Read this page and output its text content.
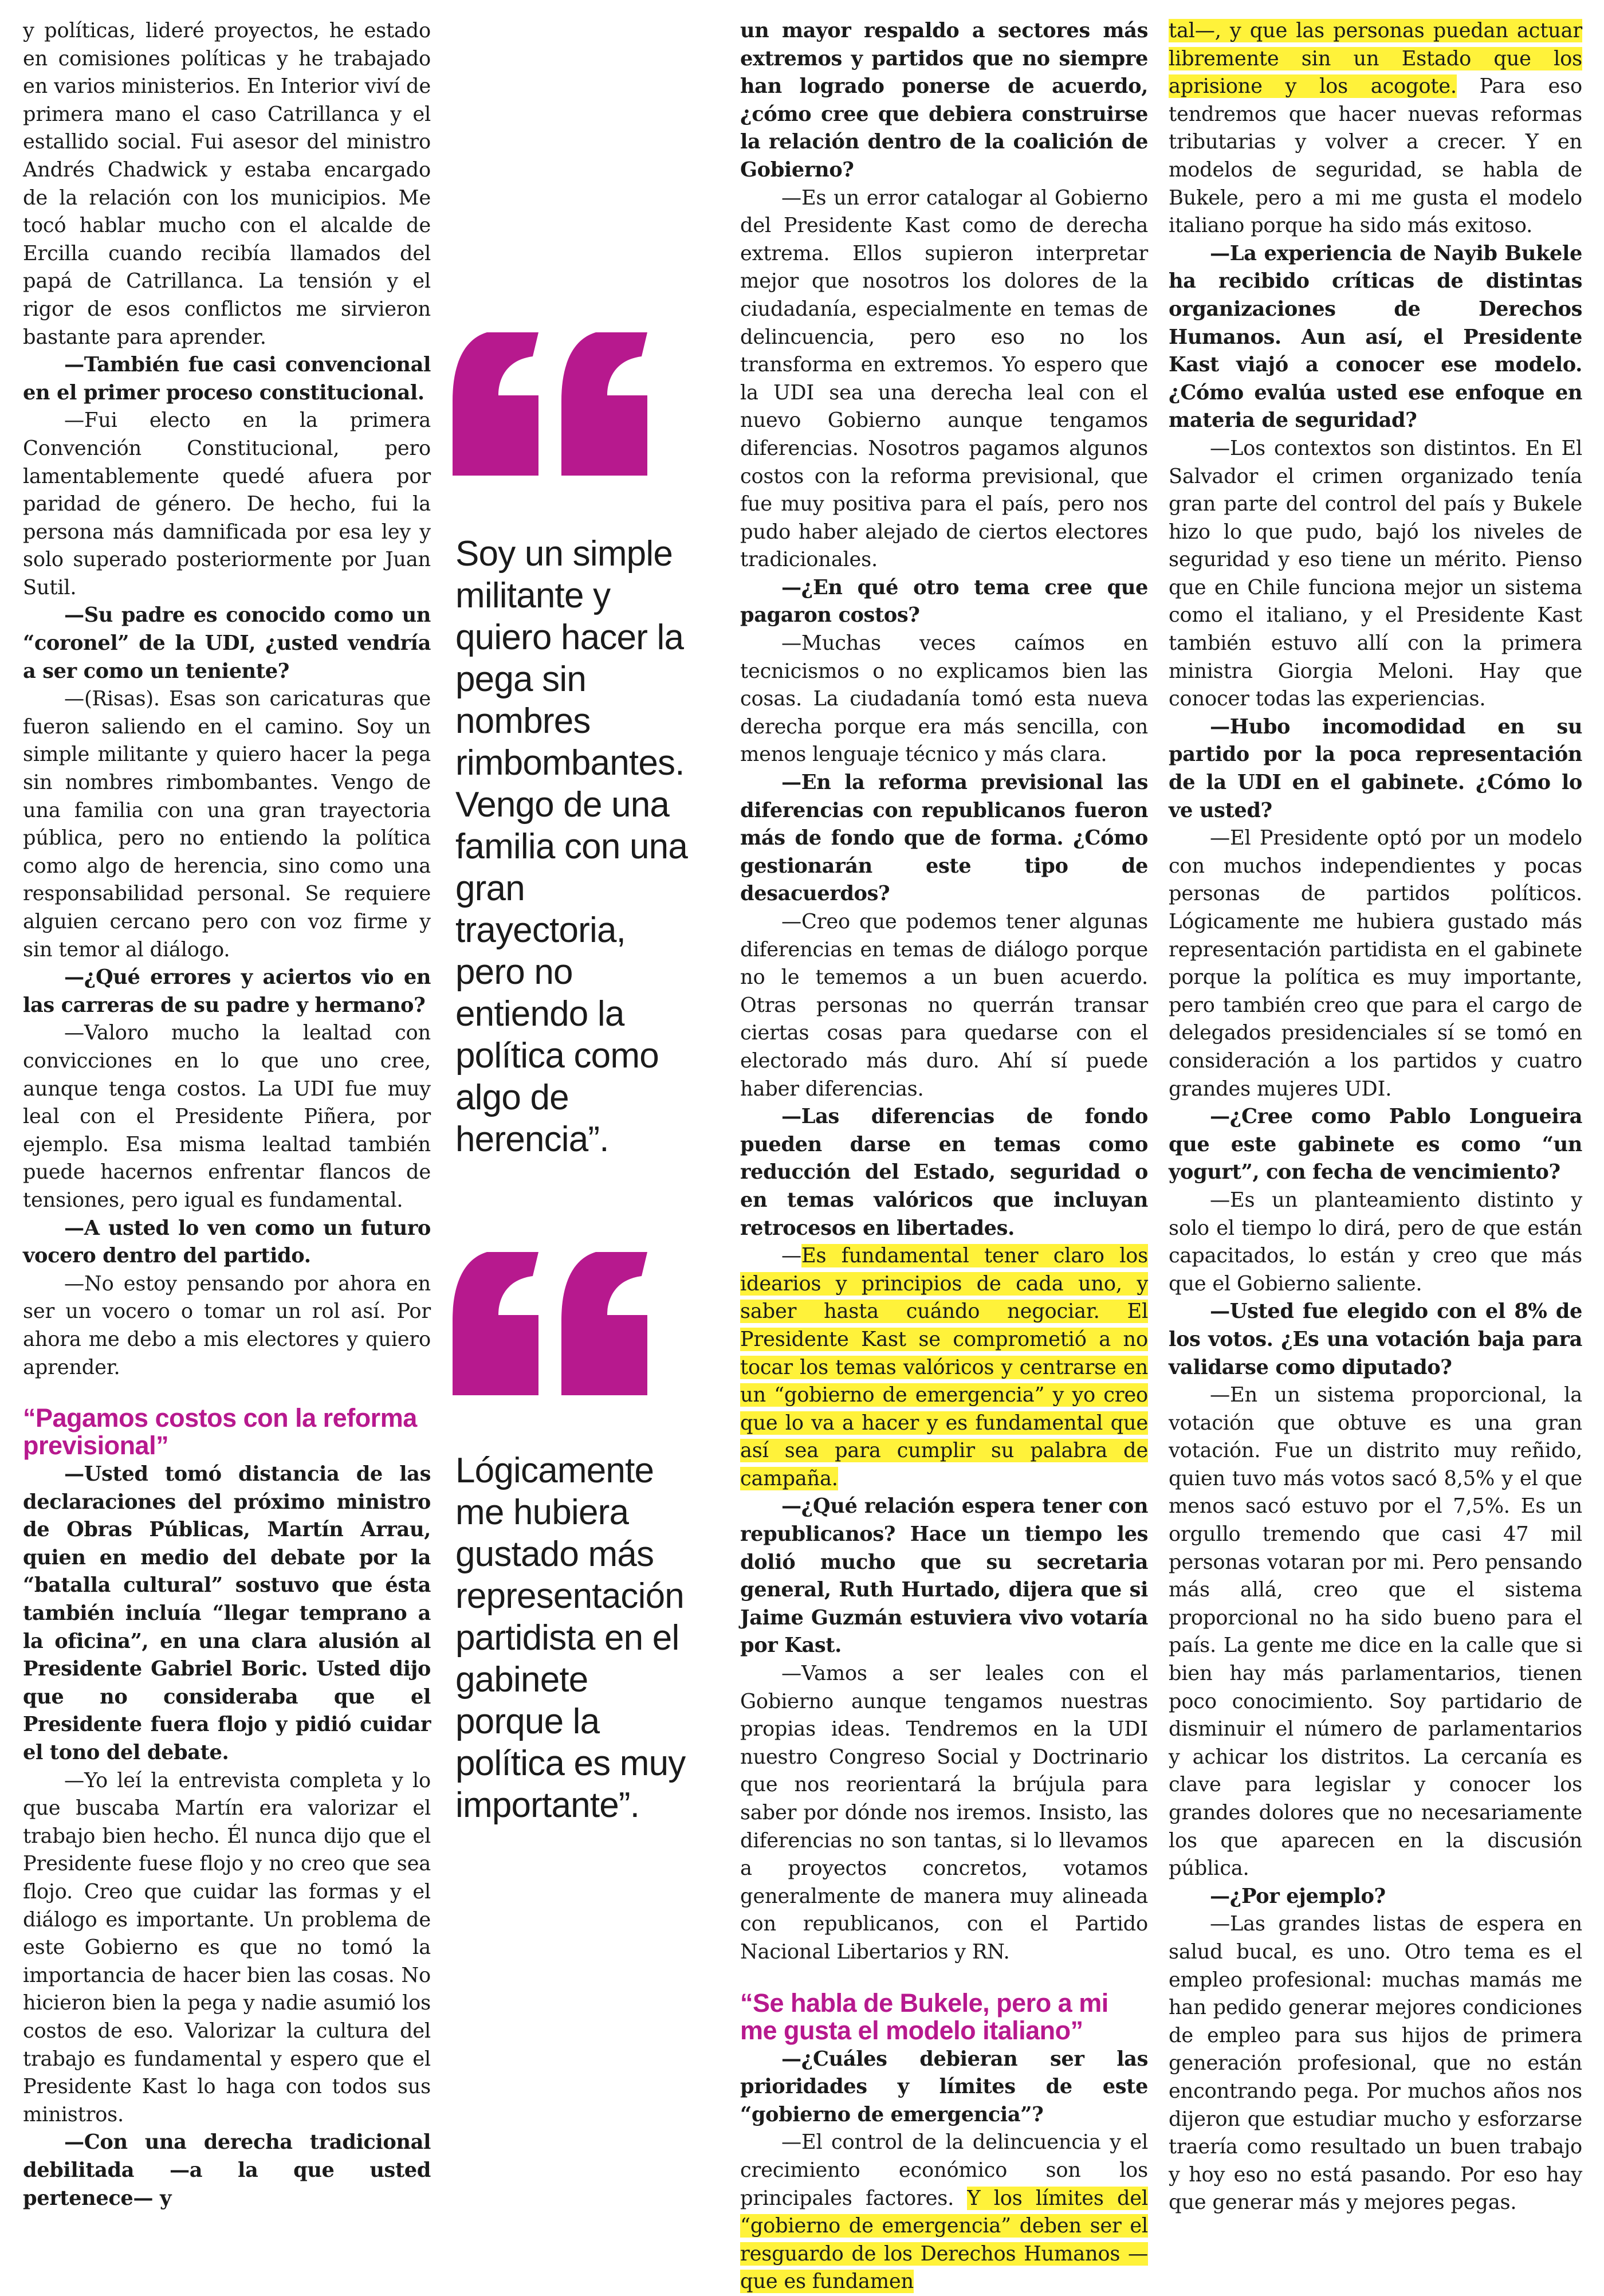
y políticas, lideré proyectos, he estado en comisiones políticas y he trabajado en varios ministerios. En Interior viví de primera mano el caso Catrillanca y el estallido social. Fui asesor del ministro Andrés Chadwick y estaba encargado de la relación con los municipios. Me tocó hablar mucho con el alcalde de Ercilla cuando recibía llamados del papá de Catrillanca. La tensión y el rigor de esos conflictos me sirvieron bastante para aprender.

—También fue casi convencional en el primer proceso constitucional.

—Fui electo en la primera Convención Constitucional, pero lamentablemente quedé afuera por paridad de género. De hecho, fui la persona más damnificada por esa ley y solo superado posteriormente por Juan Sutil.

—Su padre es conocido como un “coronel” de la UDI, ¿usted vendría a ser como un teniente?

—(Risas). Esas son caricaturas que fueron saliendo en el camino. Soy un simple militante y quiero hacer la pega sin nombres rimbombantes. Vengo de una familia con una gran trayectoria pública, pero no entiendo la política como algo de herencia, sino como una responsabilidad personal. Se requiere alguien cercano pero con voz firme y sin temor al diálogo.

—¿Qué errores y aciertos vio en las carreras de su padre y hermano?

—Valoro mucho la lealtad con convicciones en lo que uno cree, aunque tenga costos. La UDI fue muy leal con el Presidente Piñera, por ejemplo. Esa misma lealtad también puede hacernos enfrentar flancos de tensiones, pero igual es fundamental.

—A usted lo ven como un futuro vocero dentro del partido.

—No estoy pensando por ahora en ser un vocero o tomar un rol así. Por ahora me debo a mis electores y quiero aprender.

“Pagamos costos con la reforma previsional”

—Usted tomó distancia de las declaraciones del próximo ministro de Obras Públicas, Martín Arrau, quien en medio del debate por la “batalla cultural” sostuvo que ésta también incluía “llegar temprano a la oficina”, en una clara alusión al Presidente Gabriel Boric. Usted dijo que no consideraba que el Presidente fuera flojo y pidió cuidar el tono del debate.

—Yo leí la entrevista completa y lo que buscaba Martín era valorizar el trabajo bien hecho. Él nunca dijo que el Presidente fuese flojo y no creo que sea flojo. Creo que cuidar las formas y el diálogo es importante. Un problema de este Gobierno es que no tomó la importancia de hacer bien las cosas. No hicieron bien la pega y nadie asumió los costos de eso. Valorizar la cultura del trabajo es fundamental y espero que el Presidente Kast lo haga con todos sus ministros.

—Con una derecha tradicional debilitada —a la que usted pertenece— y

Soy un simple
militante y
quiero hacer la
pega sin
nombres
rimbombantes.
Vengo de una
familia con una
gran
trayectoria,
pero no
entiendo la
política como
algo de
herencia”.
Lógicamente
me hubiera
gustado más
representación
partidista en el
gabinete
porque la
política es muy
importante”.

un mayor respaldo a sectores más extremos y partidos que no siempre han logrado ponerse de acuerdo, ¿cómo cree que debiera construirse la relación dentro de la coalición de Gobierno?

—Es un error catalogar al Gobierno del Presidente Kast como de derecha extrema. Ellos supieron interpretar mejor que nosotros los dolores de la ciudadanía, especialmente en temas de delincuencia, pero eso no los transforma en extremos. Yo espero que la UDI sea una derecha leal con el nuevo Gobierno aunque tengamos diferencias. Nosotros pagamos algunos costos con la reforma previsional, que fue muy positiva para el país, pero nos pudo haber alejado de ciertos electores tradicionales.

—¿En qué otro tema cree que pagaron costos?

—Muchas veces caímos en tecnicismos o no explicamos bien las cosas. La ciudadanía tomó esta nueva derecha porque era más sencilla, con menos lenguaje técnico y más clara.

—En la reforma previsional las diferencias con republicanos fueron más de fondo que de forma. ¿Cómo gestionarán este tipo de desacuerdos?

—Creo que podemos tener algunas diferencias en temas de diálogo porque no le tememos a un buen acuerdo. Otras personas no querrán transar ciertas cosas para quedarse con el electorado más duro. Ahí sí puede haber diferencias.

—Las diferencias de fondo pueden darse en temas como reducción del Estado, seguridad o en temas valóricos que incluyan retrocesos en libertades.

—Es fundamental tener claro los idearios y principios de cada uno, y saber hasta cuándo negociar. El Presidente Kast se comprometió a no tocar los temas valóricos y centrarse en un “gobierno de emergencia” y yo creo que lo va a hacer y es fundamental que así sea para cumplir su palabra de campaña.

—¿Qué relación espera tener con republicanos? Hace un tiempo les dolió mucho que su secretaria general, Ruth Hurtado, dijera que si Jaime Guzmán estuviera vivo votaría por Kast.

—Vamos a ser leales con el Gobierno aunque tengamos nuestras propias ideas. Tendremos en la UDI nuestro Congreso Social y Doctrinario que nos reorientará la brújula para saber por dónde nos iremos. Insisto, las diferencias no son tantas, si lo llevamos a proyectos concretos, votamos generalmente de manera muy alineada con republicanos, con el Partido Nacional Libertarios y RN.

“Se habla de Bukele, pero a mi me gusta el modelo italiano”

—¿Cuáles debieran ser las prioridades y límites de este “gobierno de emergencia”?

—El control de la delincuencia y el crecimiento económico son los principales factores. Y los límites del “gobierno de emergencia” deben ser el resguardo de los Derechos Humanos —que es fundamen

tal—, y que las personas puedan actuar libremente sin un Estado que los aprisione y los acogote. Para eso tendremos que hacer nuevas reformas tributarias y volver a crecer. Y en modelos de seguridad, se habla de Bukele, pero a mi me gusta el modelo italiano porque ha sido más exitoso.

—La experiencia de Nayib Bukele ha recibido críticas de distintas organizaciones de Derechos Humanos. Aun así, el Presidente Kast viajó a conocer ese modelo. ¿Cómo evalúa usted ese enfoque en materia de seguridad?

—Los contextos son distintos. En El Salvador el crimen organizado tenía gran parte del control del país y Bukele hizo lo que pudo, bajó los niveles de seguridad y eso tiene un mérito. Pienso que en Chile funciona mejor un sistema como el italiano, y el Presidente Kast también estuvo allí con la primera ministra Giorgia Meloni. Hay que conocer todas las experiencias.

—Hubo incomodidad en su partido por la poca representación de la UDI en el gabinete. ¿Cómo lo ve usted?

—El Presidente optó por un modelo con muchos independientes y pocas personas de partidos políticos. Lógicamente me hubiera gustado más representación partidista en el gabinete porque la política es muy importante, pero también creo que para el cargo de delegados presidenciales sí se tomó en consideración a los partidos y cuatro grandes mujeres UDI.

—¿Cree como Pablo Longueira que este gabinete es como “un yogurt”, con fecha de vencimiento?

—Es un planteamiento distinto y solo el tiempo lo dirá, pero de que están capacitados, lo están y creo que más que el Gobierno saliente.

—Usted fue elegido con el 8% de los votos. ¿Es una votación baja para validarse como diputado?

—En un sistema proporcional, la votación que obtuve es una gran votación. Fue un distrito muy reñido, quien tuvo más votos sacó 8,5% y el que menos sacó estuvo por el 7,5%. Es un orgullo tremendo que casi 47 mil personas votaran por mi. Pero pensando más allá, creo que el sistema proporcional no ha sido bueno para el país. La gente me dice en la calle que si bien hay más parlamentarios, tienen poco conocimiento. Soy partidario de disminuir el número de parlamentarios y achicar los distritos. La cercanía es clave para legislar y conocer los grandes dolores que no necesariamente los que aparecen en la discusión pública.

—¿Por ejemplo?

—Las grandes listas de espera en salud bucal, es uno. Otro tema es el empleo profesional: muchas mamás me han pedido generar mejores condiciones de empleo para sus hijos de primera generación profesional, que no están encontrando pega. Por muchos años nos dijeron que estudiar mucho y esforzarse traería como resultado un buen trabajo y hoy eso no está pasando. Por eso hay que generar más y mejores pegas.
